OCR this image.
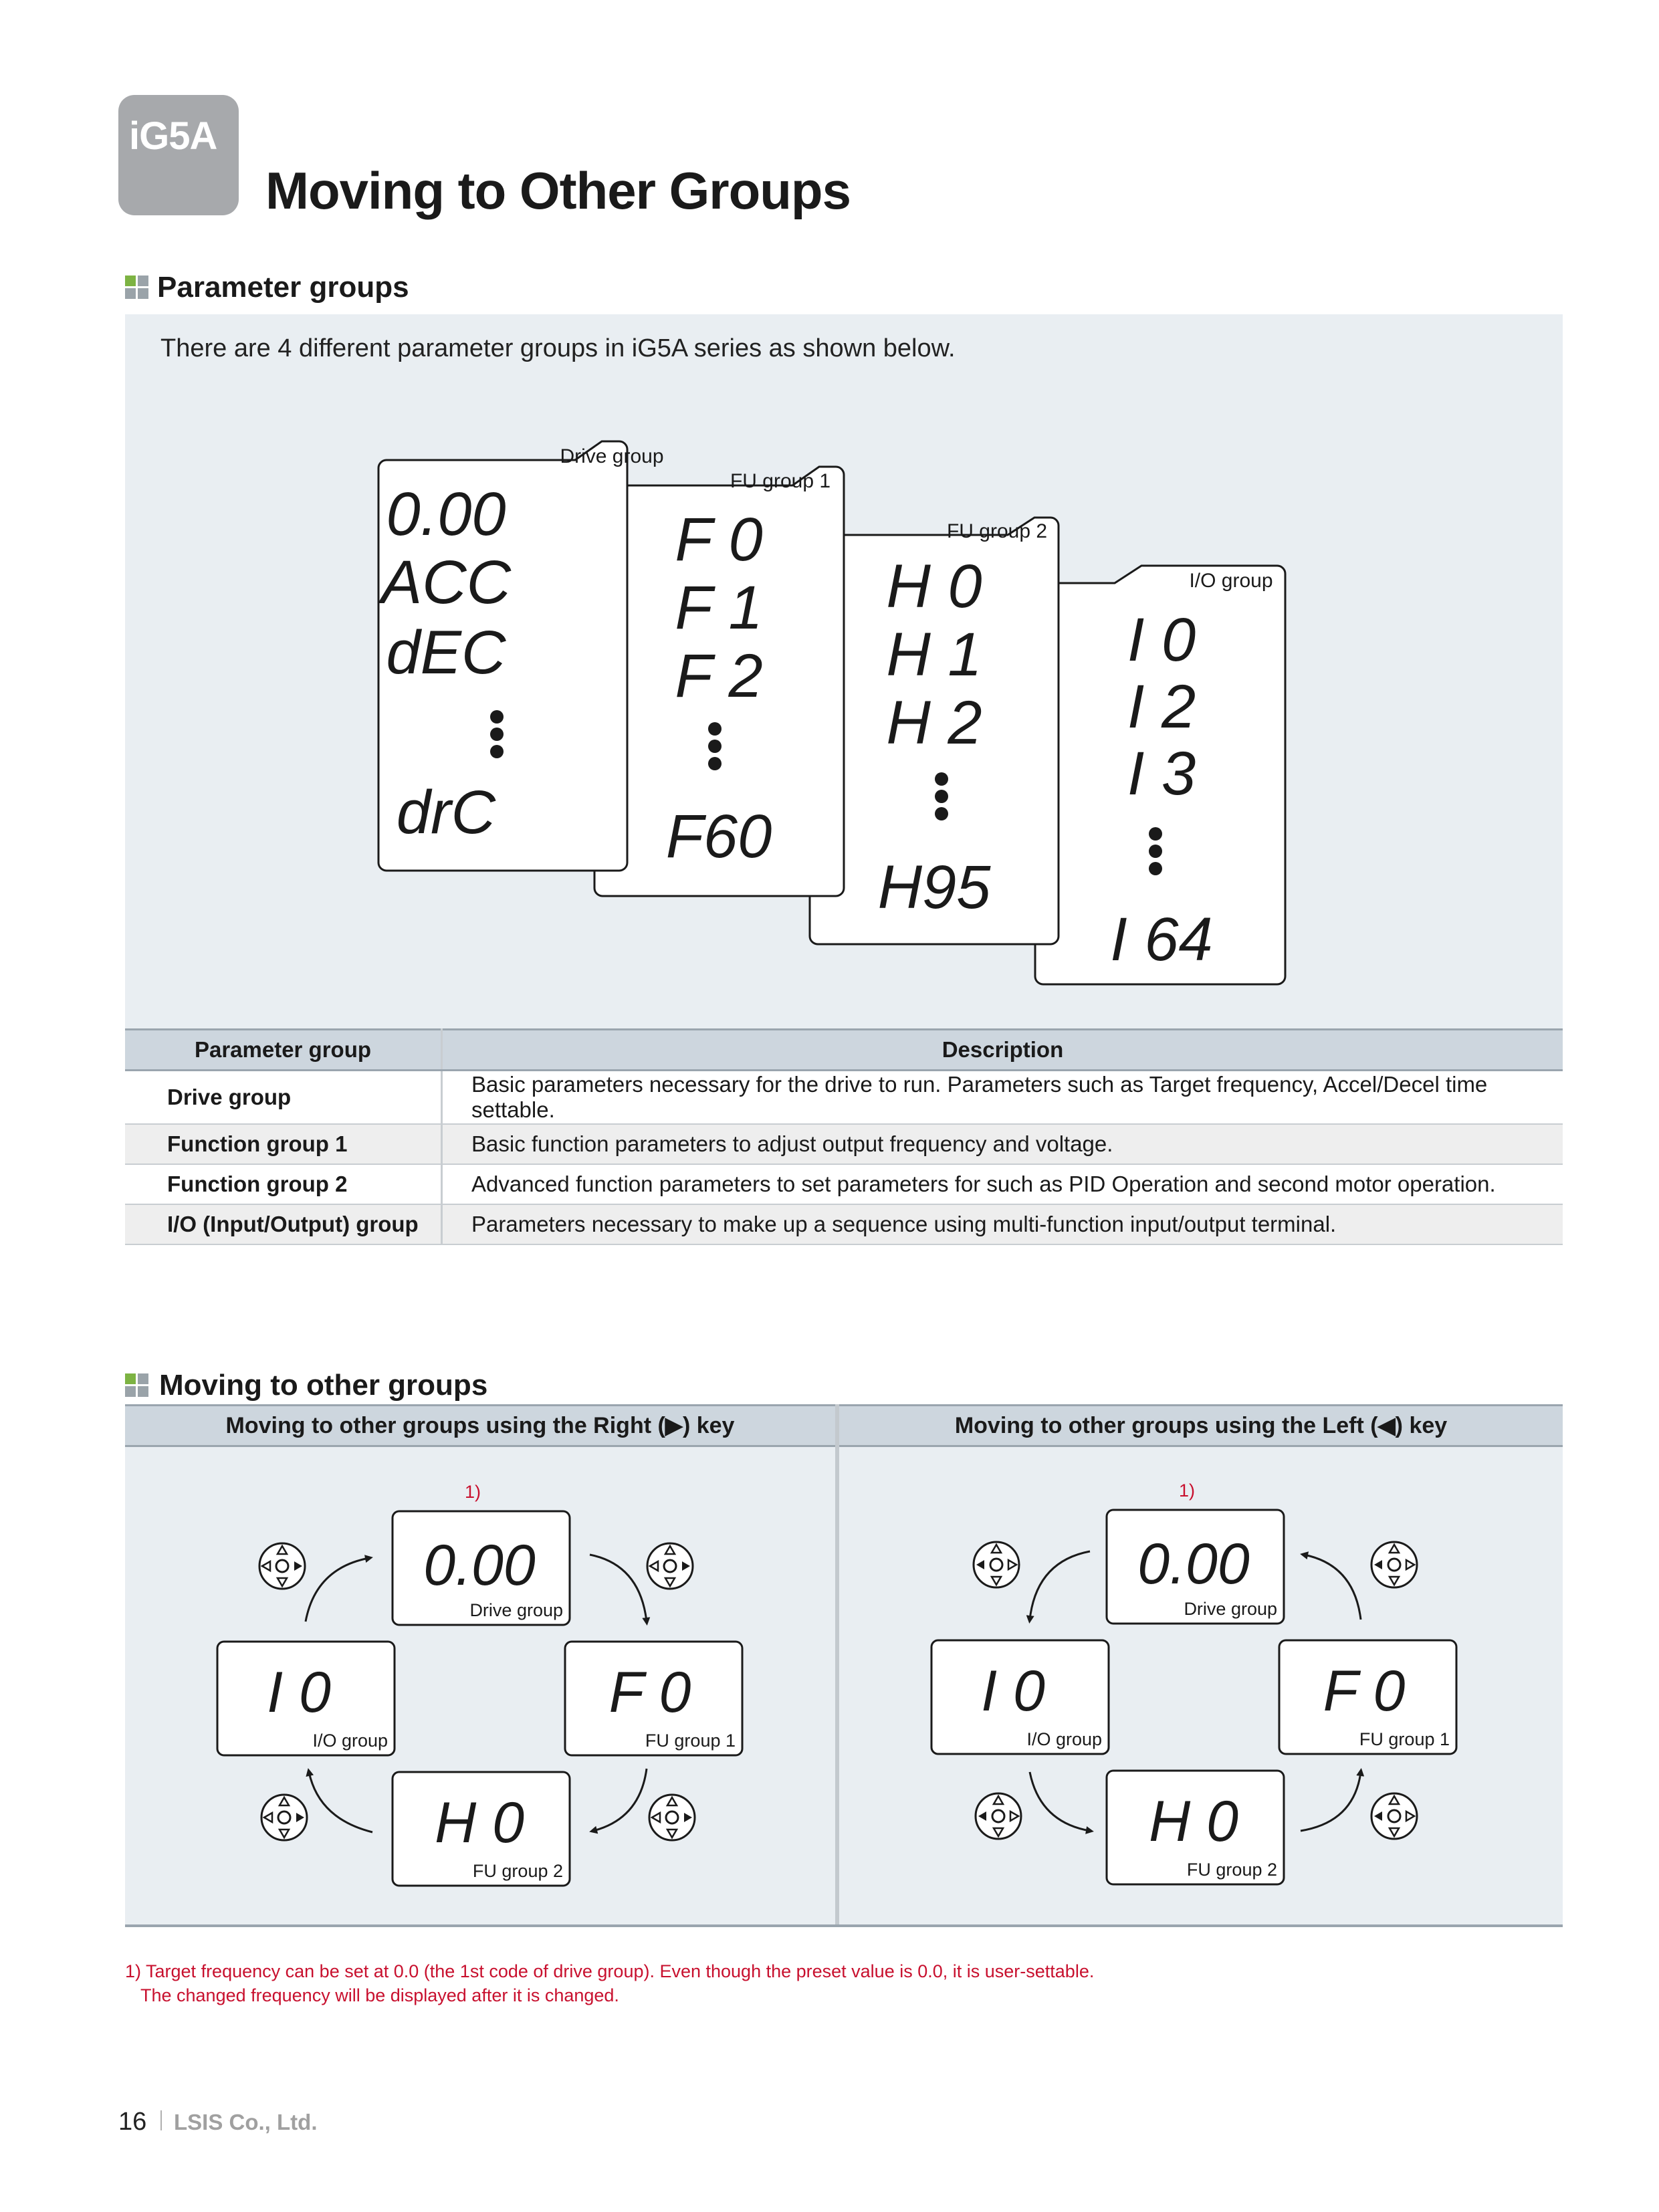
iG5A
Moving to Other Groups
Parameter groups
There are 4 different parameter groups in iG5A series as shown below.
Drive group
FU group 1
FU group 2
I/O group
0.00
ACC
dEC
drC
F 0
F 1
F 2
F60
H 0
H 1
H 2
H95
I 0
I 2
I 3
I 64
Parameter group	Description
Drive group	Basic parameters necessary for the drive to run. Parameters such as Target frequency, Accel/Decel time settable.
Function group 1	Basic function parameters to adjust output frequency and voltage.
Function group 2	Advanced function parameters to set parameters for such as PID Operation and second motor operation.
I/O (Input/Output) group	Parameters necessary to make up a sequence using multi-function input/output terminal.
Moving to other groups
Moving to other groups using the Right (▶) key	Moving to other groups using the Left (◀) key
0.00
I 0	F 0
H 0
Drive group
I/O group	FU group 1
FU group 2
1)
0.00
I 0	F 0
H 0
Drive group
I/O group	FU group 1
FU group 2
1)
1) Target frequency can be set at 0.0 (the 1st code of drive group). Even though the preset value is 0.0, it is user-settable.
The changed frequency will be displayed after it is changed.
16 LSIS Co., Ltd.
